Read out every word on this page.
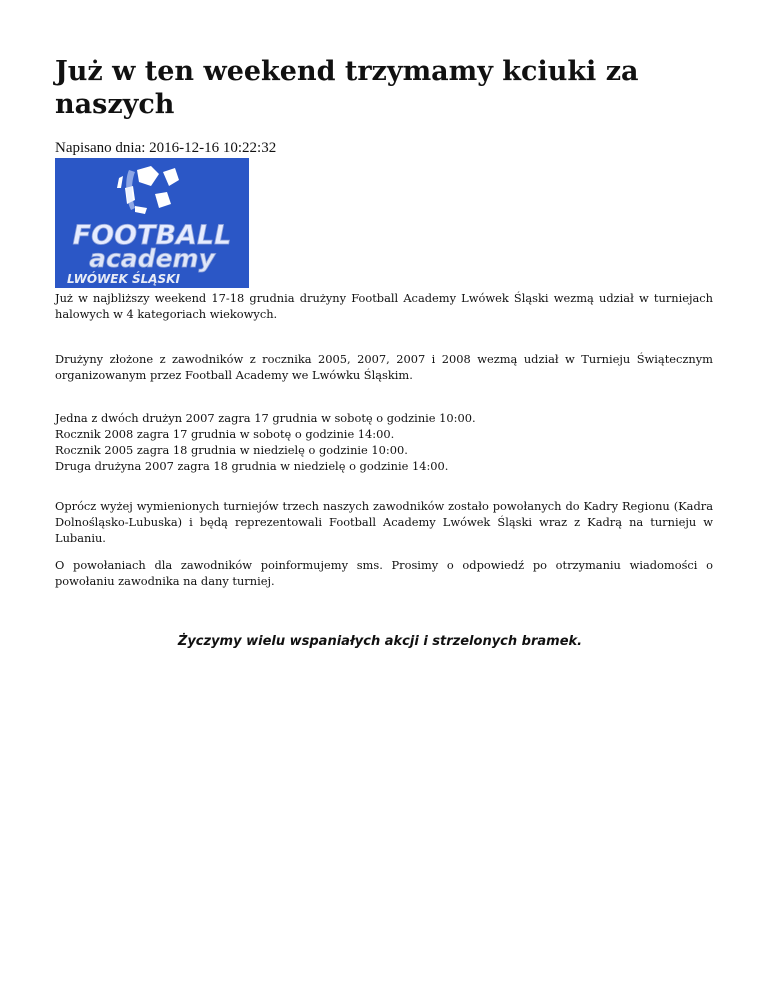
Już w ten weekend trzymamy kciuki za naszych
Napisano dnia: 2016-12-16 10:22:32
FOOTBALL
academy
LWÓWEK ŚLĄSKI

Już w najbliższy weekend 17-18 grudnia drużyny Football Academy Lwówek Śląski wezmą udział w turniejach halowych w 4 kategoriach wiekowych.

Drużyny złożone z zawodników z rocznika 2005, 2007, 2007 i 2008 wezmą udział w Turnieju Świątecznym organizowanym przez Football Academy we Lwówku Śląskim.

Jedna z dwóch drużyn 2007 zagra 17 grudnia w sobotę o godzinie 10:00.
Rocznik 2008 zagra 17 grudnia w sobotę o godzinie 14:00.
Rocznik 2005 zagra 18 grudnia w niedzielę o godzinie 10:00.
Druga drużyna 2007 zagra 18 grudnia w niedzielę o godzinie 14:00.

Oprócz wyżej wymienionych turniejów trzech naszych zawodników zostało powołanych do Kadry Regionu (Kadra Dolnośląsko-Lubuska) i będą reprezentowali Football Academy Lwówek Śląski wraz z Kadrą na turnieju w Lubaniu.

O powołaniach dla zawodników poinformujemy sms. Prosimy o odpowiedź po otrzymaniu wiadomości o powołaniu zawodnika na dany turniej.

Życzymy wielu wspaniałych akcji i strzelonych bramek.
